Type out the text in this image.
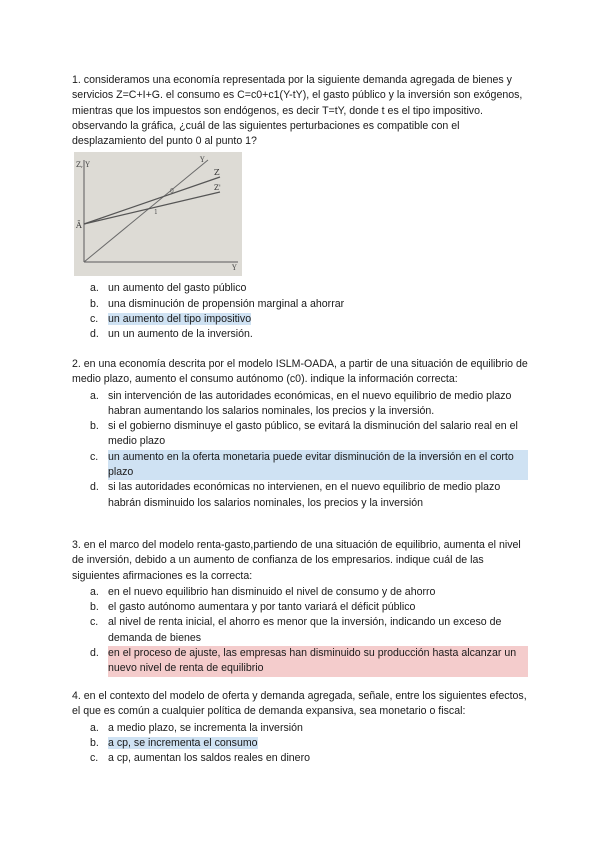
1. consideramos una economía representada por la siguiente demanda agregada de bienes y servicios Z=C+I+G. el consumo es C=c0+c1(Y-tY), el gasto público y la inversión son exógenos, mientras que los impuestos son endógenos, es decir T=tY, donde t es el tipo impositivo. observando la gráfica, ¿cuál de las siguientes perturbaciones es compatible con el desplazamiento del punto 0 al punto 1?

Z, Y
Y
Ā
Y
Z
Z'
0
1
a. un aumento del gasto público
b. una disminución de propensión marginal a ahorrar
c. un aumento del tipo impositivo
d. un un aumento de la inversión.

2. en una economía descrita por el modelo ISLM-OADA, a partir de una situación de equilibrio de medio plazo, aumento el consumo autónomo (c0). indique la información correcta:

a. sin intervención de las autoridades económicas, en el nuevo equilibrio de medio plazo habran aumentando los salarios nominales, los precios y la inversión.
b. si el gobierno disminuye el gasto público, se evitará la disminución del salario real en el medio plazo
c. un aumento en la oferta monetaria puede evitar disminución de la inversión en el corto plazo
d. si las autoridades económicas no intervienen, en el nuevo equilibrio de medio plazo habrán disminuido los salarios nominales, los precios y la inversión

3. en el marco del modelo renta-gasto,partiendo de una situación de equilibrio, aumenta el nivel de inversión, debido a un aumento de confianza de los empresarios. indique cuál de las siguientes afirmaciones es la correcta:

a. en el nuevo equilibrio han disminuido el nivel de consumo y de ahorro
b. el gasto autónomo aumentara y por tanto variará el déficit público
c. al nivel de renta inicial, el ahorro es menor que la inversión, indicando un exceso de demanda de bienes
d. en el proceso de ajuste, las empresas han disminuido su producción hasta alcanzar un nuevo nivel de renta de equilibrio

4. en el contexto del modelo de oferta y demanda agregada, señale, entre los siguientes efectos, el que es común a cualquier política de demanda expansiva, sea monetario o fiscal:

a. a medio plazo, se incrementa la inversión
b. a cp, se incrementa el consumo
c. a cp, aumentan los saldos reales en dinero
